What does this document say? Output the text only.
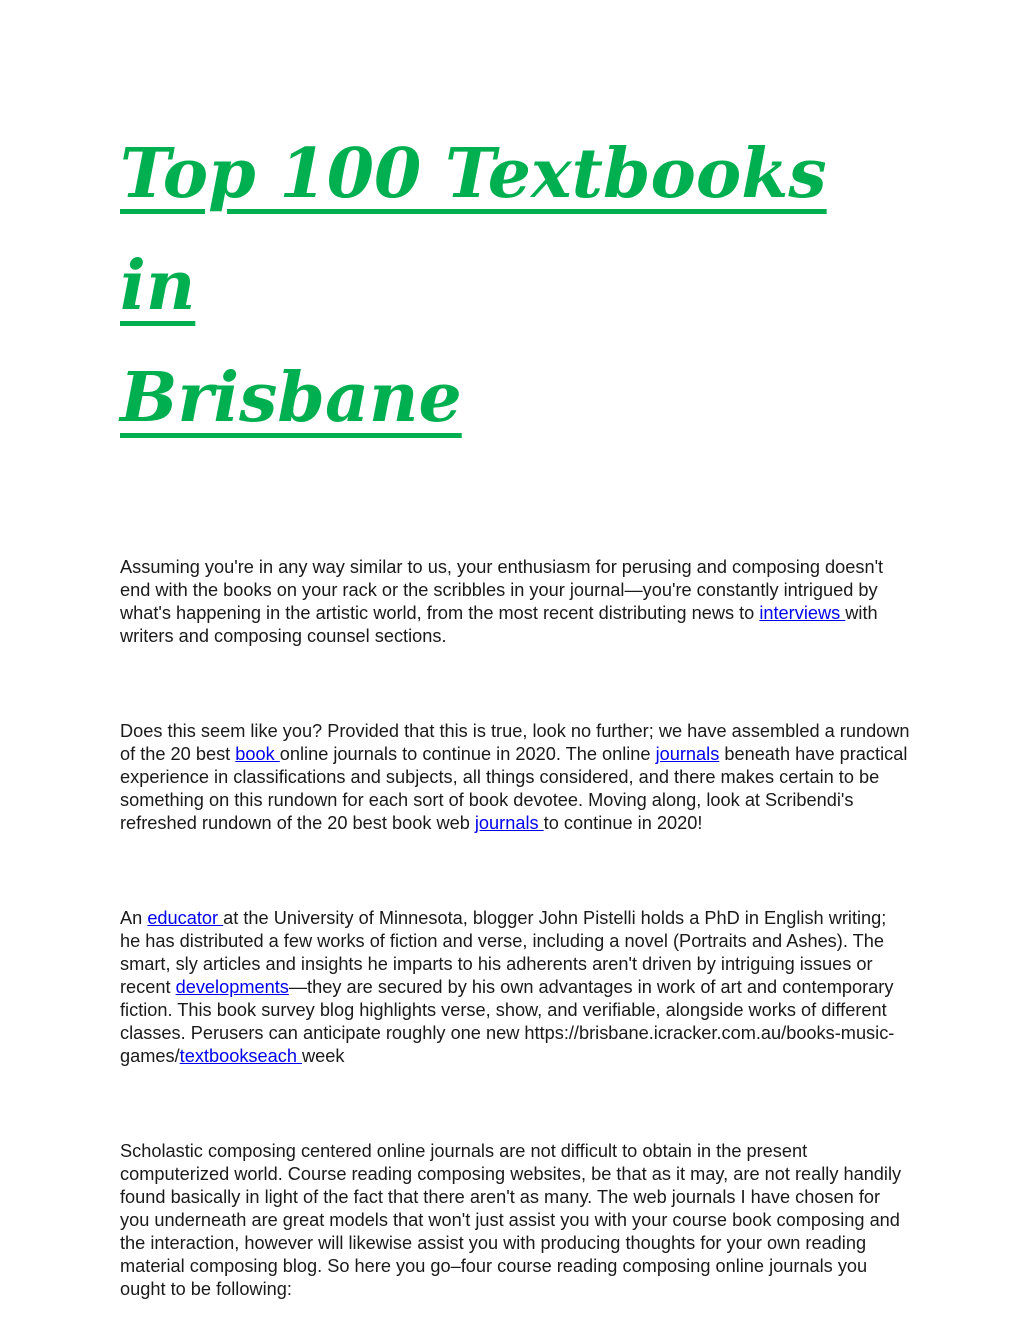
Top 100 Textbooks in
Brisbane

Assuming you're in any way similar to us, your enthusiasm for perusing and composing doesn't end with the books on your rack or the scribbles in your journal—you're constantly intrigued by what's happening in the artistic world, from the most recent distributing news to interviews with writers and composing counsel sections.

Does this seem like you? Provided that this is true, look no further; we have assembled a rundown of the 20 best book online journals to continue in 2020. The online journals beneath have practical experience in classifications and subjects, all things considered, and there makes certain to be something on this rundown for each sort of book devotee. Moving along, look at Scribendi's refreshed rundown of the 20 best book web journals to continue in 2020!

An educator at the University of Minnesota, blogger John Pistelli holds a PhD in English writing; he has distributed a few works of fiction and verse, including a novel (Portraits and Ashes). The smart, sly articles and insights he imparts to his adherents aren't driven by intriguing issues or recent developments—they are secured by his own advantages in work of art and contemporary fiction. This book survey blog highlights verse, show, and verifiable, alongside works of different classes. Perusers can anticipate roughly one new https://brisbane.icracker.com.au/books-music-games/textbookseach week

Scholastic composing centered online journals are not difficult to obtain in the present computerized world. Course reading composing websites, be that as it may, are not really handily found basically in light of the fact that there aren't as many. The web journals I have chosen for you underneath are great models that won't just assist you with your course book composing and the interaction, however will likewise assist you with producing thoughts for your own reading material composing blog. So here you go–four course reading composing online journals you ought to be following:
